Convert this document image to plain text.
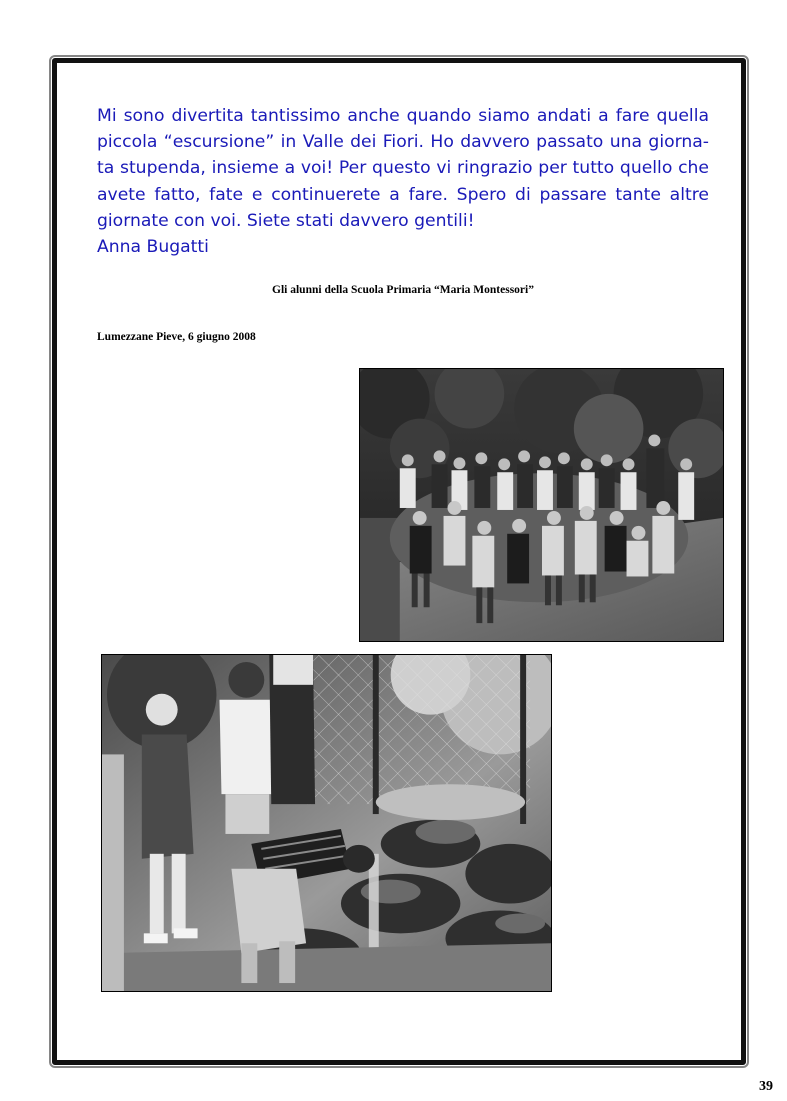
Mi sono divertita tantissimo anche quando siamo andati a fare quella piccola “escursione” in Valle dei Fiori. Ho davvero passato una giorna-ta stupenda, insieme a voi! Per questo vi ringrazio per tutto quello che avete fatto, fate e continuerete a fare. Spero di passare tante altre giornate con voi. Siete stati davvero gentili!

Anna Bugatti

Gli alunni della Scuola Primaria “Maria Montessori”
Lumezzane Pieve, 6 giugno 2008
39
